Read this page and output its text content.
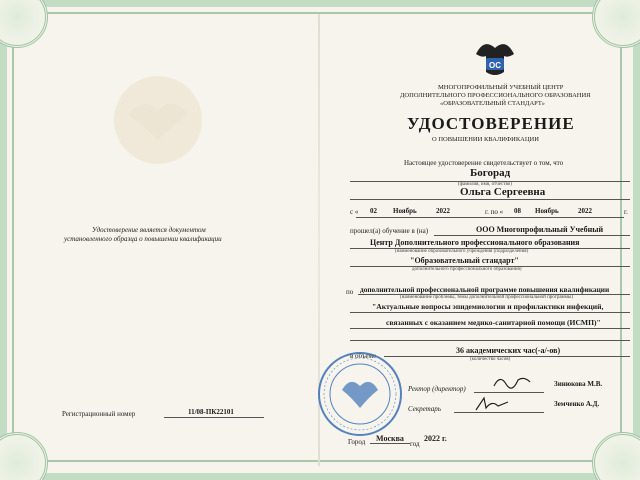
ОС
МНОГОПРОФИЛЬНЫЙ УЧЕБНЫЙ ЦЕНТР
ДОПОЛНИТЕЛЬНОГО ПРОФЕССИОНАЛЬНОГО ОБРАЗОВАНИЯ
«ОБРАЗОВАТЕЛЬНЫЙ СТАНДАРТ»
УДОСТОВЕРЕНИЕ
О ПОВЫШЕНИИ КВАЛИФИКАЦИИ
Удостоверение является документом
установленного образца о повышении квалификации
Настоящее удостоверение свидетельствует о том, что
Богорад
(фамилия, имя, отчество)
Ольга Сергеевна
с « 02 Ноябрь	2022	г. по « 08 Ноябрь	2022	г.
прошел(а) обучение в (на)	ООО Многопрофильный Учебный
Центр Дополнительного профессионального образования
(наименование образовательного учреждения (подразделения)
"Образовательный стандарт"
дополнительного профессионального образования)
по дополнительной профессиональной программе повышения квалификации
(наименование проблемы, темы дополнительной профессиональной программы)
"Актуальные вопросы эпидемиологии и профилактики инфекций,
связанных с оказанием медико-санитарной помощи (ИСМП)"
в объеме
36 академических час(-а/-ов)
(количество часов)
Ректор (директор)
Зинюкова М.В.
Секретарь
Земченко А.Д.
Регистрационный номер	11/08-ПК22101
Город Москва
год
2022 г.
